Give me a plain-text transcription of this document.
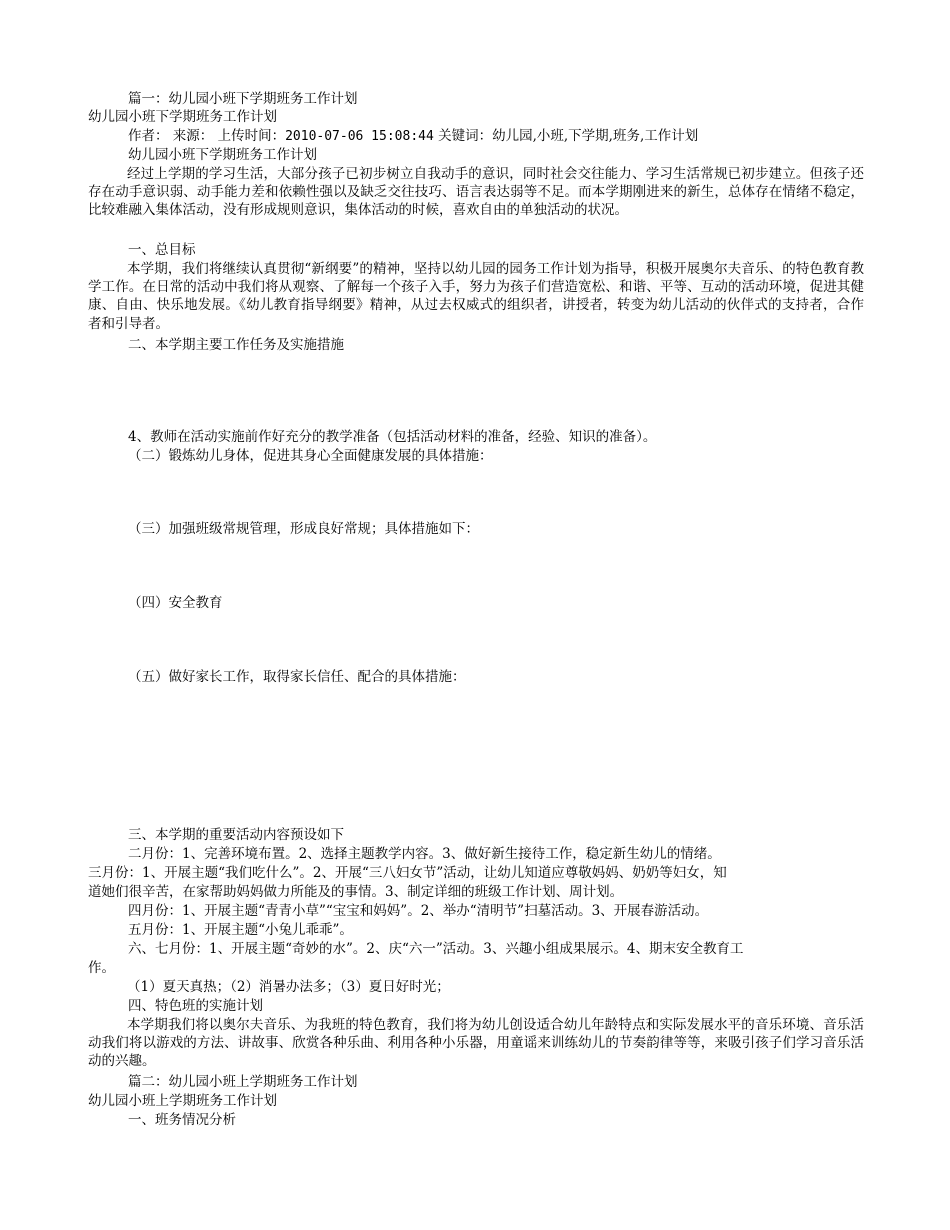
篇一：幼儿园小班下学期班务工作计划
幼儿园小班下学期班务工作计划
作者： 来源： 上传时间：2010-07-06 15:08:44 关键词：幼儿园,小班,下学期,班务,工作计划
幼儿园小班下学期班务工作计划
经过上学期的学习生活，大部分孩子已初步树立自我动手的意识，同时社会交往能力、学习生活常规已初步建立。但孩子还存在动手意识弱、动手能力差和依赖性强以及缺乏交往技巧、语言表达弱等不足。而本学期刚进来的新生，总体存在情绪不稳定，比较难融入集体活动，没有形成规则意识，集体活动的时候，喜欢自由的单独活动的状况。
一、总目标
本学期，我们将继续认真贯彻“新纲要”的精神，坚持以幼儿园的园务工作计划为指导，积极开展奥尔夫音乐、的特色教育教学工作。在日常的活动中我们将从观察、了解每一个孩子入手，努力为孩子们营造宽松、和谐、平等、互动的活动环境，促进其健康、自由、快乐地发展。《幼儿教育指导纲要》精神，从过去权威式的组织者，讲授者，转变为幼儿活动的伙伴式的支持者，合作者和引导者。
二、本学期主要工作任务及实施措施
4、教师在活动实施前作好充分的教学准备（包括活动材料的准备，经验、知识的准备）。
（二）锻炼幼儿身体，促进其身心全面健康发展的具体措施：
（三）加强班级常规管理，形成良好常规；具体措施如下：
（四）安全教育
（五）做好家长工作，取得家长信任、配合的具体措施：
三、本学期的重要活动内容预设如下
二月份：1、完善环境布置。2、选择主题教学内容。3、做好新生接待工作，稳定新生幼儿的情绪。
三月份：1、开展主题“我们吃什么”。2、开展“三八妇女节”活动，让幼儿知道应尊敬妈妈、奶奶等妇女，知
道她们很辛苦，在家帮助妈妈做力所能及的事情。3、制定详细的班级工作计划、周计划。
四月份：1、开展主题“青青小草”“宝宝和妈妈”。2、举办“清明节”扫墓活动。3、开展春游活动。
五月份：1、开展主题“小兔儿乖乖”。
六、七月份：1、开展主题“奇妙的水”。2、庆“六一”活动。3、兴趣小组成果展示。4、期末安全教育工
作。
（1）夏天真热；（2）消暑办法多；（3）夏日好时光；
四、特色班的实施计划
本学期我们将以奥尔夫音乐、为我班的特色教育，我们将为幼儿创设适合幼儿年龄特点和实际发展水平的音乐环境、音乐活动我们将以游戏的方法、讲故事、欣赏各种乐曲、利用各种小乐器，用童谣来训练幼儿的节奏韵律等等，来吸引孩子们学习音乐活动的兴趣。
篇二：幼儿园小班上学期班务工作计划
幼儿园小班上学期班务工作计划
一、班务情况分析
